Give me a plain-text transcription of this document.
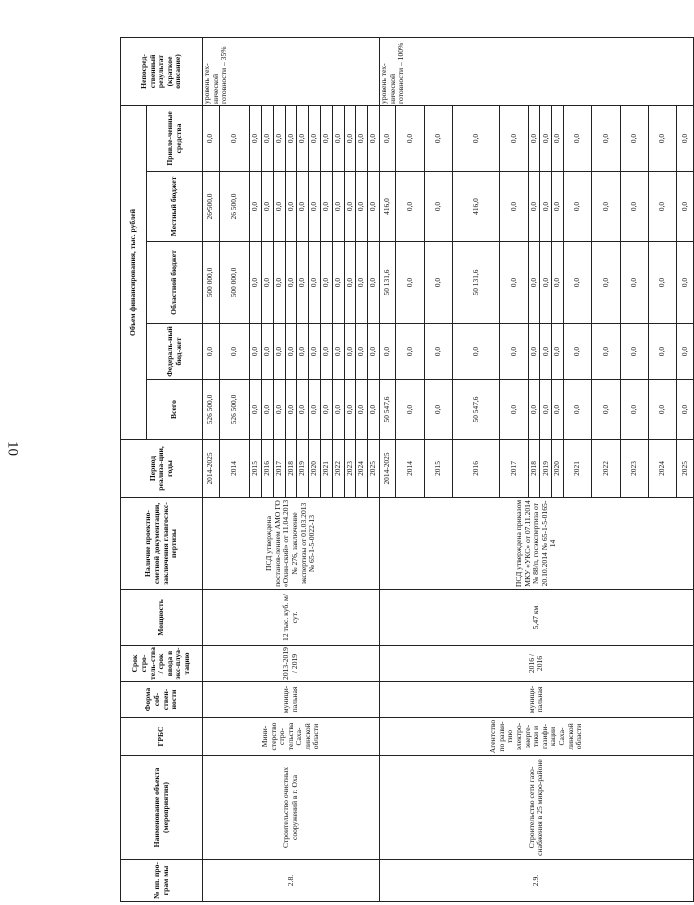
10
№ пп. про-грам мы	Наименование объекта (мероприятия)	ГРБС	Форма соб-ствен-ности	Срок стро-тель-ства / срок ввода в экс-плуа-тацию	Мощность	Наличие проектно-сметной документации, заключения главгосэкс-пертизы	Период реализа-ции, годы	Объем финансирования, тыс. рублей					Непосред-ственный результат (краткое описание)
								Всего	Федераль-ный бюд-жет	Областной бюджет	Местный бюджет	Привле-ченные средства	
2.8.	Строительство очистных сооружений в г. Оха	Мини-стерство стро-тельства Саха-линской области	муници-пальная	2013-2019 / 2019	12 тыс. куб. м/сут.	ПСД утверждена постанов-лением АМО ГО «Охин-ский» от 11.04.2013 № 276, заключение экспертизы от 01.03.2013 № 65-1-5-0022-13	2014-2025	526 500,0	0,0	500 000,0	26 500,0	0,0	уровень тех-нической готовности – 35%
							2014	526 500,0	0,0	500 000,0	26 500,0	0,0	
							2015	0,0	0,0	0,0	0,0	0,0	
							2016	0,0	0,0	0,0	0,0	0,0	
							2017	0,0	0,0	0,0	0,0	0,0	
							2018	0,0	0,0	0,0	0,0	0,0	
							2019	0,0	0,0	0,0	0,0	0,0	
							2020	0,0	0,0	0,0	0,0	0,0	
							2021	0,0	0,0	0,0	0,0	0,0	
							2022	0,0	0,0	0,0	0,0	0,0	
							2023	0,0	0,0	0,0	0,0	0,0	
							2024	0,0	0,0	0,0	0,0	0,0	
							2025	0,0	0,0	0,0	0,0	0,0	
2.9.	Строительство сети газо-снабжения в 25 микро-районе	Агентство по разви-тию электро-энерге-тики и газифи-кации Саха-линской области	муници-пальная	2016 / 2016	5,47 км	ПСД утверждена приказом МКУ «УКС» от 07.11.2014 № 88/п, госэкспертиза от 20.10.2014 № 65-1-5-0165-14	2014-2025	50 547,6	0,0	50 131,6	416,0	0,0	уровень тех-нической готовности – 100%
							2014	0,0	0,0	0,0	0,0	0,0	
							2015	0,0	0,0	0,0	0,0	0,0	
							2016	50 547,6	0,0	50 131,6	416,0	0,0	
							2017	0,0	0,0	0,0	0,0	0,0	
							2018	0,0	0,0	0,0	0,0	0,0	
							2019	0,0	0,0	0,0	0,0	0,0	
							2020	0,0	0,0	0,0	0,0	0,0	
							2021	0,0	0,0	0,0	0,0	0,0	
							2022	0,0	0,0	0,0	0,0	0,0	
							2023	0,0	0,0	0,0	0,0	0,0	
							2024	0,0	0,0	0,0	0,0	0,0	
							2025	0,0	0,0	0,0	0,0	0,0	
